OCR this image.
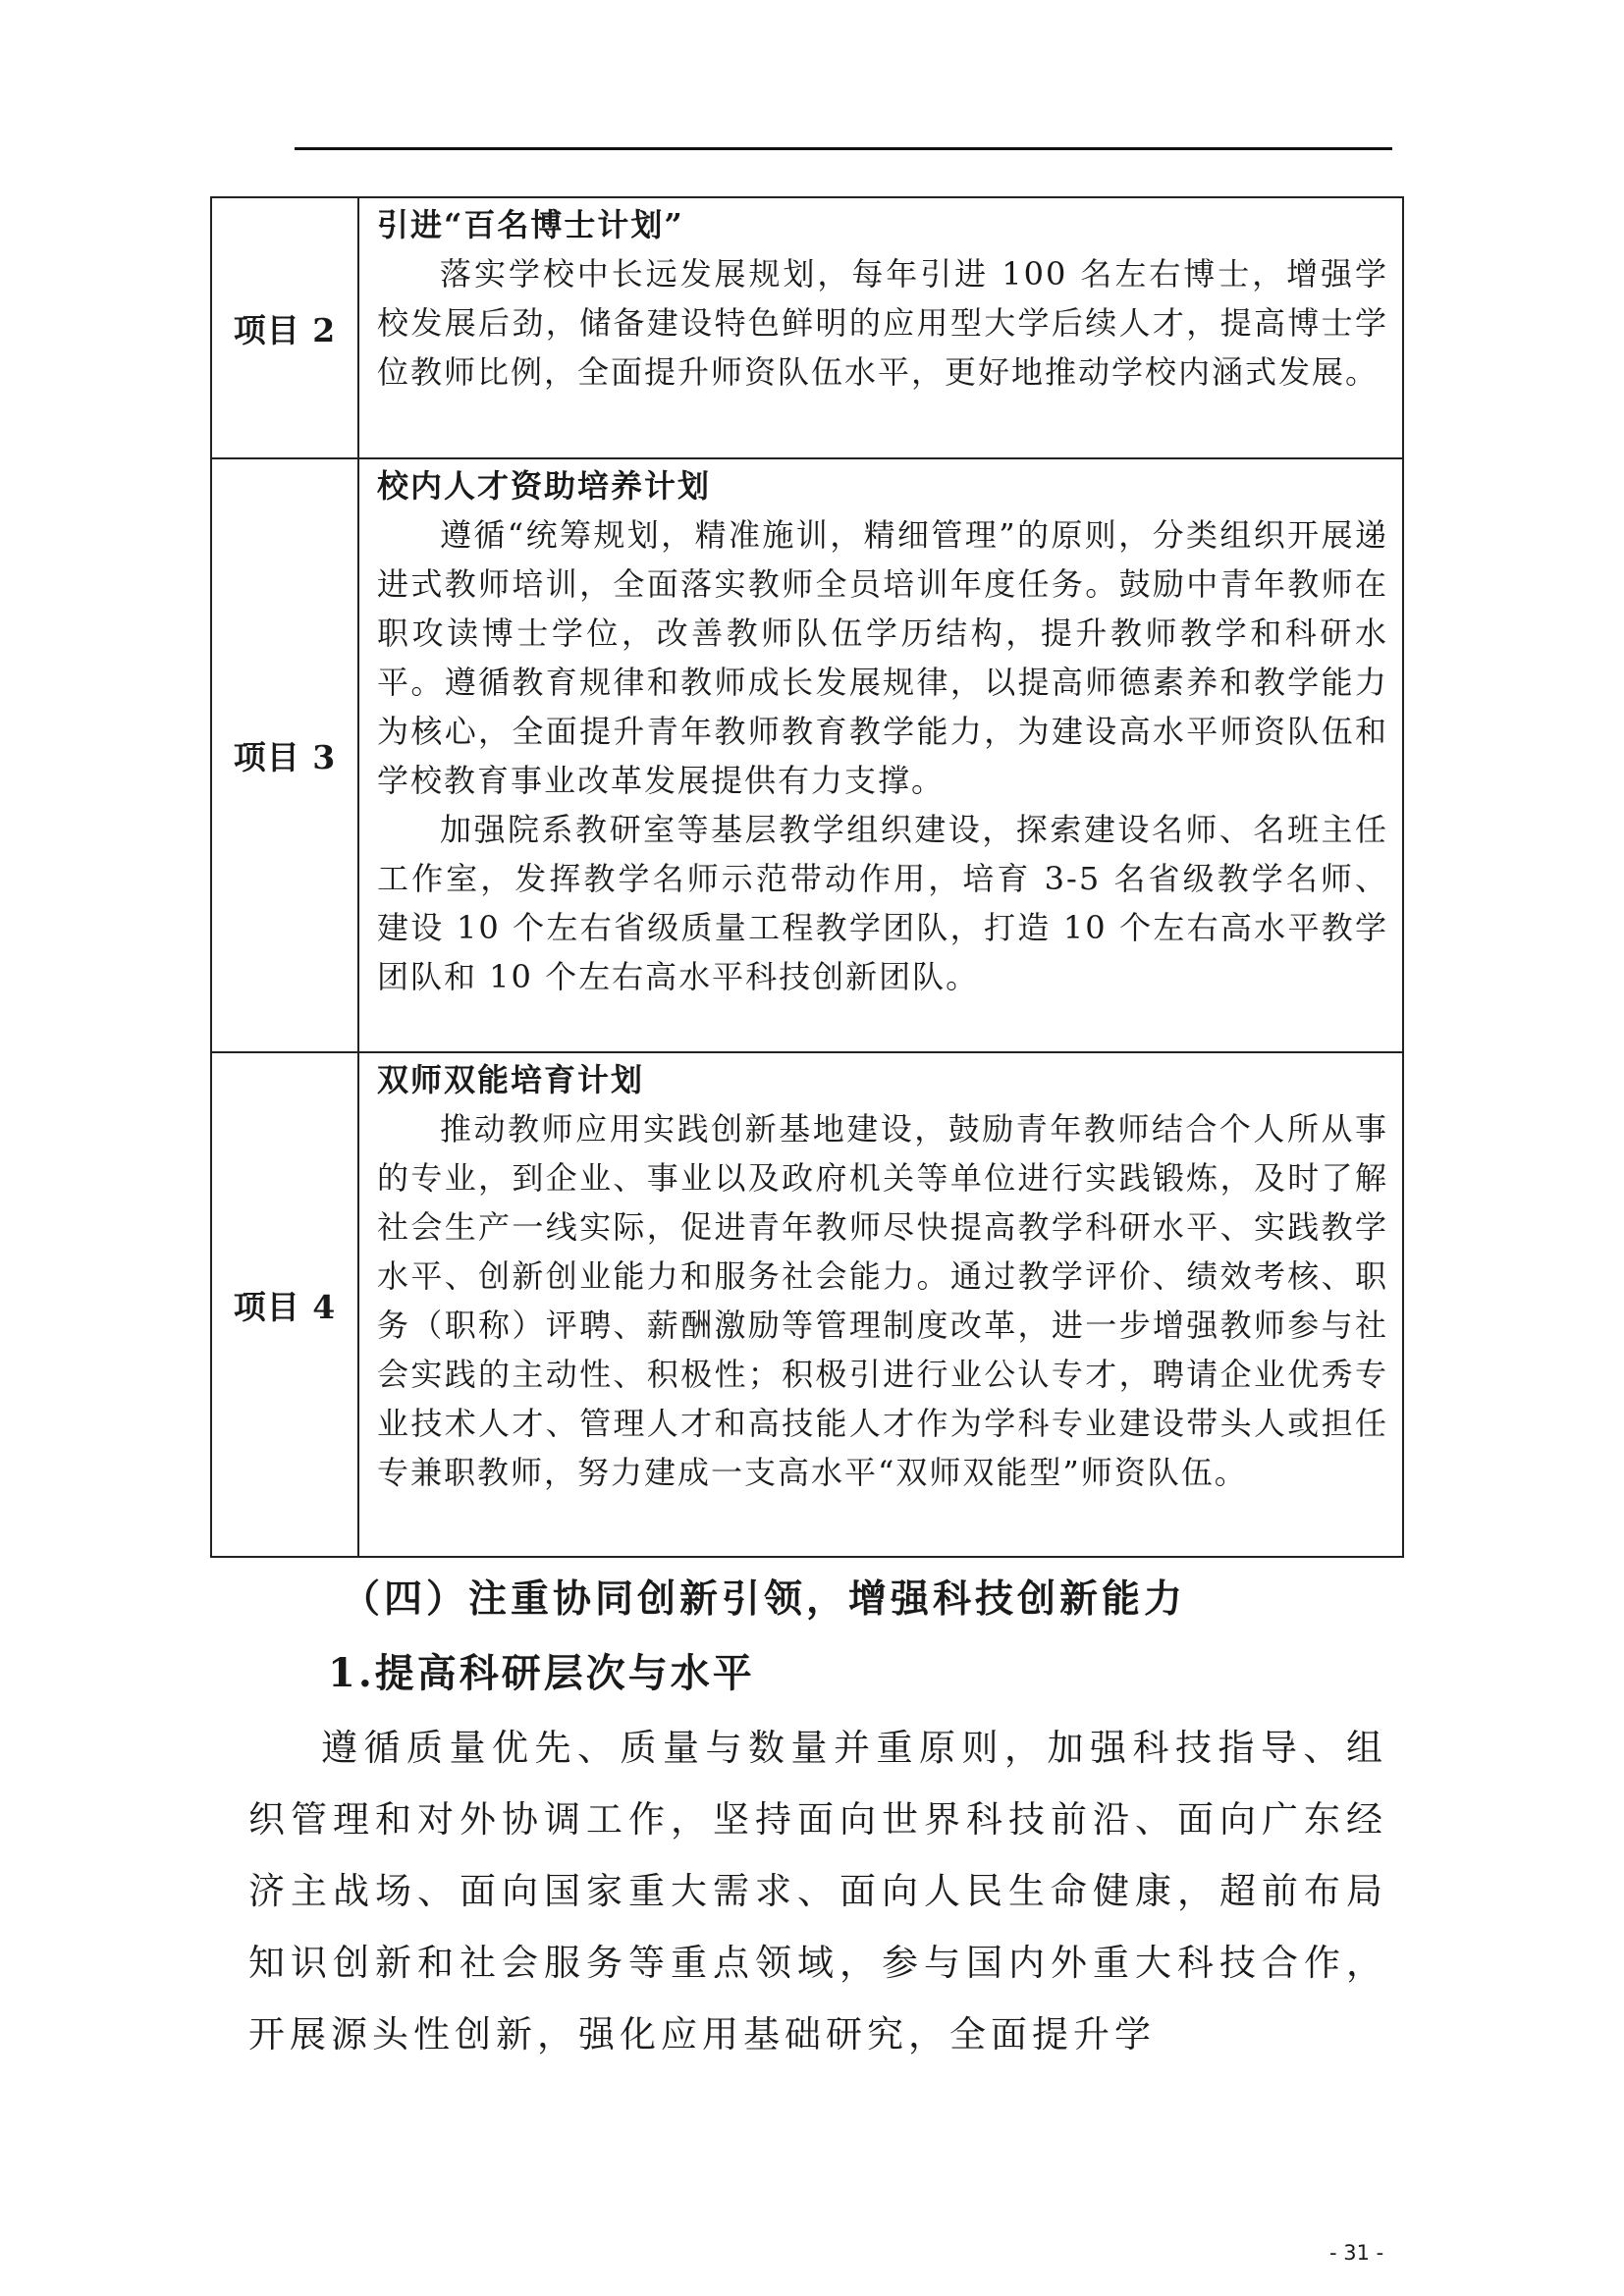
项目 2	引进“百名博士计划”
落实学校中长远发展规划，每年引进 100 名左右博士，增强学校发展后劲，储备建设特色鲜明的应用型大学后续人才，提高博士学位教师比例，全面提升师资队伍水平，更好地推动学校内涵式发展。

项目 3	校内人才资助培养计划
遵循“统筹规划，精准施训，精细管理”的原则，分类组织开展递进式教师培训，全面落实教师全员培训年度任务。鼓励中青年教师在职攻读博士学位，改善教师队伍学历结构，提升教师教学和科研水平。遵循教育规律和教师成长发展规律，以提高师德素养和教学能力为核心，全面提升青年教师教育教学能力，为建设高水平师资队伍和学校教育事业改革发展提供有力支撑。
加强院系教研室等基层教学组织建设，探索建设名师、名班主任工作室，发挥教学名师示范带动作用，培育 3-5 名省级教学名师、建设 10 个左右省级质量工程教学团队，打造 10 个左右高水平教学团队和 10 个左右高水平科技创新团队。

项目 4	双师双能培育计划
推动教师应用实践创新基地建设，鼓励青年教师结合个人所从事的专业，到企业、事业以及政府机关等单位进行实践锻炼，及时了解社会生产一线实际，促进青年教师尽快提高教学科研水平、实践教学水平、创新创业能力和服务社会能力。通过教学评价、绩效考核、职务（职称）评聘、薪酬激励等管理制度改革，进一步增强教师参与社会实践的主动性、积极性；积极引进行业公认专才，聘请企业优秀专业技术人才、管理人才和高技能人才作为学科专业建设带头人或担任专兼职教师，努力建成一支高水平“双师双能型”师资队伍。
（四）注重协同创新引领，增强科技创新能力
1.提高科研层次与水平

遵循质量优先、质量与数量并重原则，加强科技指导、组织管理和对外协调工作，坚持面向世界科技前沿、面向广东经济主战场、面向国家重大需求、面向人民生命健康，超前布局知识创新和社会服务等重点领域，参与国内外重大科技合作，开展源头性创新，强化应用基础研究，全面提升学

- 31 -
